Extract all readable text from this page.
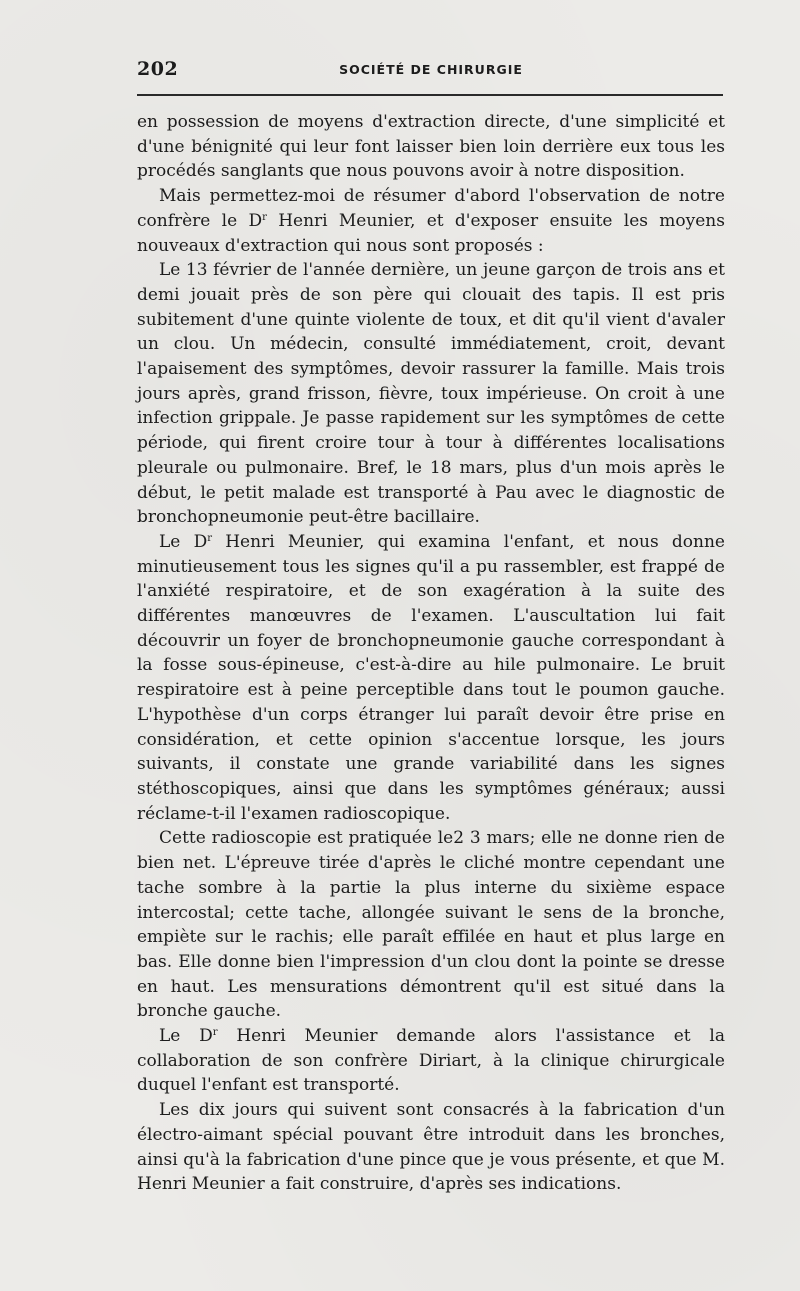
202	SOCIÉTÉ DE CHIRURGIE

en possession de moyens d'extraction directe, d'une simplicité et d'une bénignité qui leur font laisser bien loin derrière eux tous les procédés sanglants que nous pouvons avoir à notre disposition.

Mais permettez-moi de résumer d'abord l'observation de notre confrère le $D^r$ Henri Meunier, et d'exposer ensuite les moyens nouveaux d'extraction qui nous sont proposés :

Le 13 février de l'année dernière, un jeune garçon de trois ans et demi jouait près de son père qui clouait des tapis. Il est pris subitement d'une quinte violente de toux, et dit qu'il vient d'avaler un clou. Un médecin, consulté immédiatement, croit, devant l'apaisement des symptômes, devoir rassurer la famille. Mais trois jours après, grand frisson, fièvre, toux impérieuse. On croit à une infection grippale. Je passe rapidement sur les symptômes de cette période, qui firent croire tour à tour à différentes localisations pleurale ou pulmonaire. Bref, le 18 mars, plus d'un mois après le début, le petit malade est transporté à Pau avec le diagnostic de bronchopneumonie peut-être bacillaire.

Le $D^r$ Henri Meunier, qui examina l'enfant, et nous donne minutieusement tous les signes qu'il a pu rassembler, est frappé de l'anxiété respiratoire, et de son exagération à la suite des différentes manœuvres de l'examen. L'auscultation lui fait découvrir un foyer de bronchopneumonie gauche correspondant à la fosse sous-épineuse, c'est-à-dire au hile pulmonaire. Le bruit respiratoire est à peine perceptible dans tout le poumon gauche. L'hypothèse d'un corps étranger lui paraît devoir être prise en considération, et cette opinion s'accentue lorsque, les jours suivants, il constate une grande variabilité dans les signes stéthoscopiques, ainsi que dans les symptômes généraux; aussi réclame-t-il l'examen radioscopique.

Cette radioscopie est pratiquée le2 3 mars; elle ne donne rien de bien net. L'épreuve tirée d'après le cliché montre cependant une tache sombre à la partie la plus interne du sixième espace intercostal; cette tache, allongée suivant le sens de la bronche, empiète sur le rachis; elle paraît effilée en haut et plus large en bas. Elle donne bien l'impression d'un clou dont la pointe se dresse en haut. Les mensurations démontrent qu'il est situé dans la bronche gauche.

Le $D^r$ Henri Meunier demande alors l'assistance et la collaboration de son confrère Diriart, à la clinique chirurgicale duquel l'enfant est transporté.

Les dix jours qui suivent sont consacrés à la fabrication d'un électro-aimant spécial pouvant être introduit dans les bronches, ainsi qu'à la fabrication d'une pince que je vous présente, et que M. Henri Meunier a fait construire, d'après ses indications.
